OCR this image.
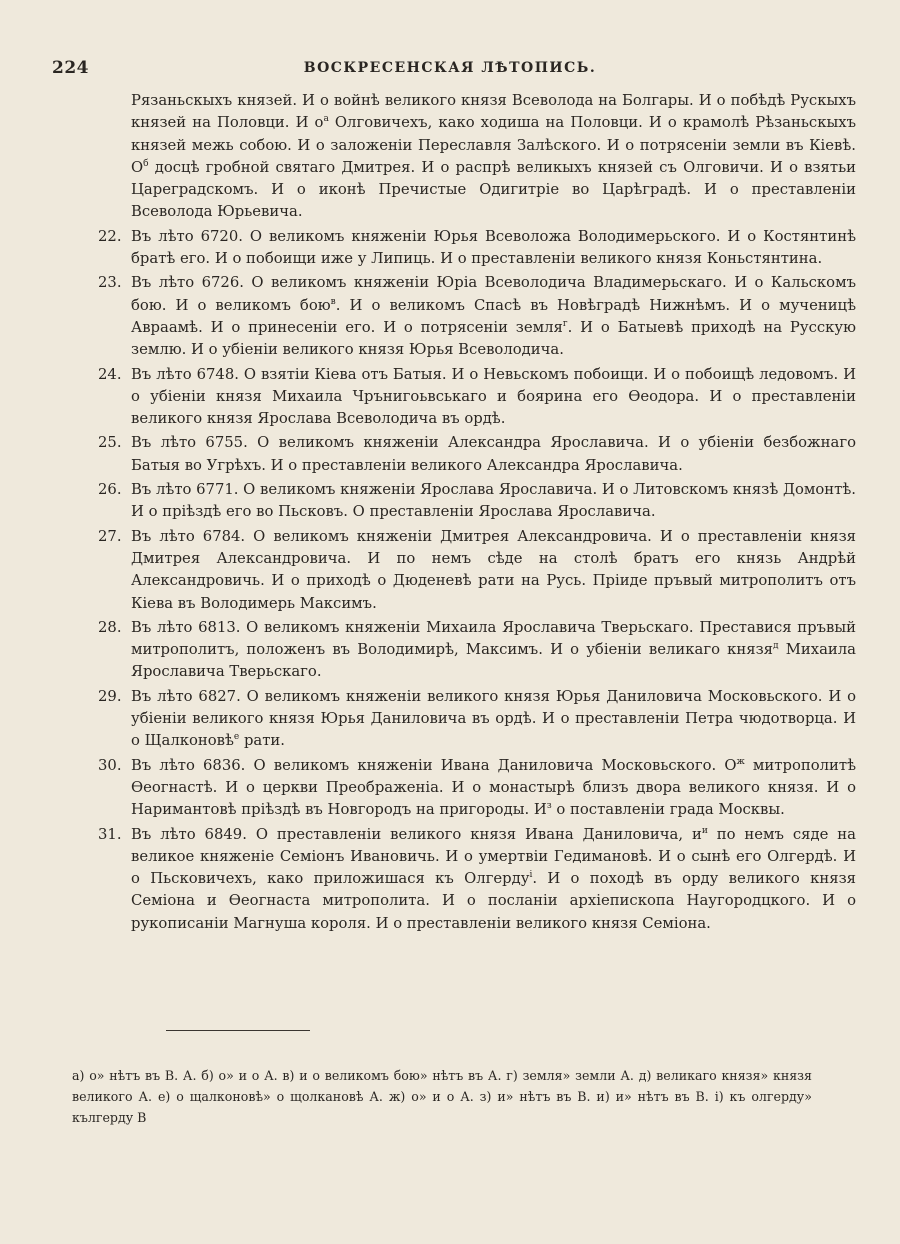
224	ВОСКРЕСЕНСКАЯ ЛѢТОПИСЬ.

Рязаньскыхъ князей. И о войнѣ великого князя Всеволода на Болгары. И о побѣдѣ Рускыхъ князей на Половци. И $о^а$ Олговичехъ, како ходиша на Половци. И о крамолѣ Рѣзаньскыхъ князей межь собою. И о заложеніи Переславля Залѣского. И о потрясеніи земли въ Кіевѣ. $О^б$ досцѣ гробной святаго Дмитрея. И о распрѣ великыхъ князей съ Олговичи. И о взятьи Цареградскомъ. И о иконѣ Пречистые Одигитріе во Царѣградѣ. И о преставленіи Всеволода Юрьевича.

22. Въ лѣто 6720. О великомъ княженіи Юрья Всеволожа Володимерьского. И о Костянтинѣ братѣ его. И о побоищи иже у Липиць. И о преставленіи великого князя Коньстянтина.
23. Въ лѣто 6726. О великомъ княженіи Юріа Всеволодича Владимерьскаго. И о Кальскомъ бою. И о великомъ бою$^в$. И о великомъ Спасѣ въ Новѣградѣ Нижнѣмъ. И о мученицѣ Авраамѣ. И о принесеніи его. И о потрясеніи земля$^г$. И о Батыевѣ приходѣ на Русскую землю. И о убіеніи великого князя Юрья Всеволодича.
24. Въ лѣто 6748. О взятіи Кіева отъ Батыя. И о Невьскомъ побоищи. И о побоищѣ ледовомъ. И о убіеніи князя Михаила Чрънигоьвськаго и боярина его Ѳеодора. И о преставленіи великого князя Ярослава Всеволодича въ ордѣ.
25. Въ лѣто 6755. О великомъ княженіи Александра Ярославича. И о убіеніи безбожнаго Батыя во Угрѣхъ. И о преставленіи великого Александра Ярославича.
26. Въ лѣто 6771. О великомъ княженіи Ярослава Ярославича. И о Литовскомъ князѣ Домонтѣ. И о пріѣздѣ его во Пьсковъ. О преставленіи Ярослава Ярославича.
27. Въ лѣто 6784. О великомъ княженіи Дмитрея Александровича. И о преставленіи князя Дмитрея Александровича. И по немъ сѣде на столѣ братъ его князь Андрѣй Александровичь. И о приходѣ о Дюденевѣ рати на Русь. Пріиде пръвый митрополитъ отъ Кіева въ Володимерь Максимъ.
28. Въ лѣто 6813. О великомъ княженіи Михаила Ярославича Тверьскаго. Преставися пръвый митрополитъ, положенъ въ Володимирѣ, Максимъ. И о убіеніи великаго князя$^д$ Михаила Ярославича Тверьскаго.
29. Въ лѣто 6827. О великомъ княженіи великого князя Юрья Даниловича Московьского. И о убіеніи великого князя Юрья Даниловича въ ордѣ. И о преставленіи Петра чюдотворца. И о Щалконовѣ$^е$ рати.
30. Въ лѣто 6836. О великомъ княженіи Ивана Даниловича Московьского. $О^ж$ митрополитѣ Ѳеогнастѣ. И о церкви Преображеніа. И о монастырѣ близъ двора великого князя. И о Наримантовѣ пріѣздѣ въ Новгородъ на пригороды. $И^з$ о поставленіи града Москвы.
31. Въ лѣто 6849. О преставленіи великого князя Ивана Даниловича, $и^и$ по немъ сяде на великое княженіе Семіонъ Ивановичь. И о умертвіи Гедимановѣ. И о сынѣ его Олгердѣ. И о Пьсковичехъ, како приложишася къ Олгерду$^і$. И о походѣ въ орду великого князя Семіона и Ѳеогнаста митрополита. И о посланіи архіепископа Наугородцкого. И о рукописаніи Магнуша короля. И о преставленіи великого князя Семіона.
а) о» нѣтъ въ В. А. б) о» и о А. в) и о великомъ бою» нѣтъ въ А. г) земля» земли А. д) великаго князя» князя великого А. е) о щалконовѣ» о щолкановѣ А. ж) о» и о А. з) и» нѣтъ въ В. и) и» нѣтъ въ В. і) къ олгерду» кългерду В
